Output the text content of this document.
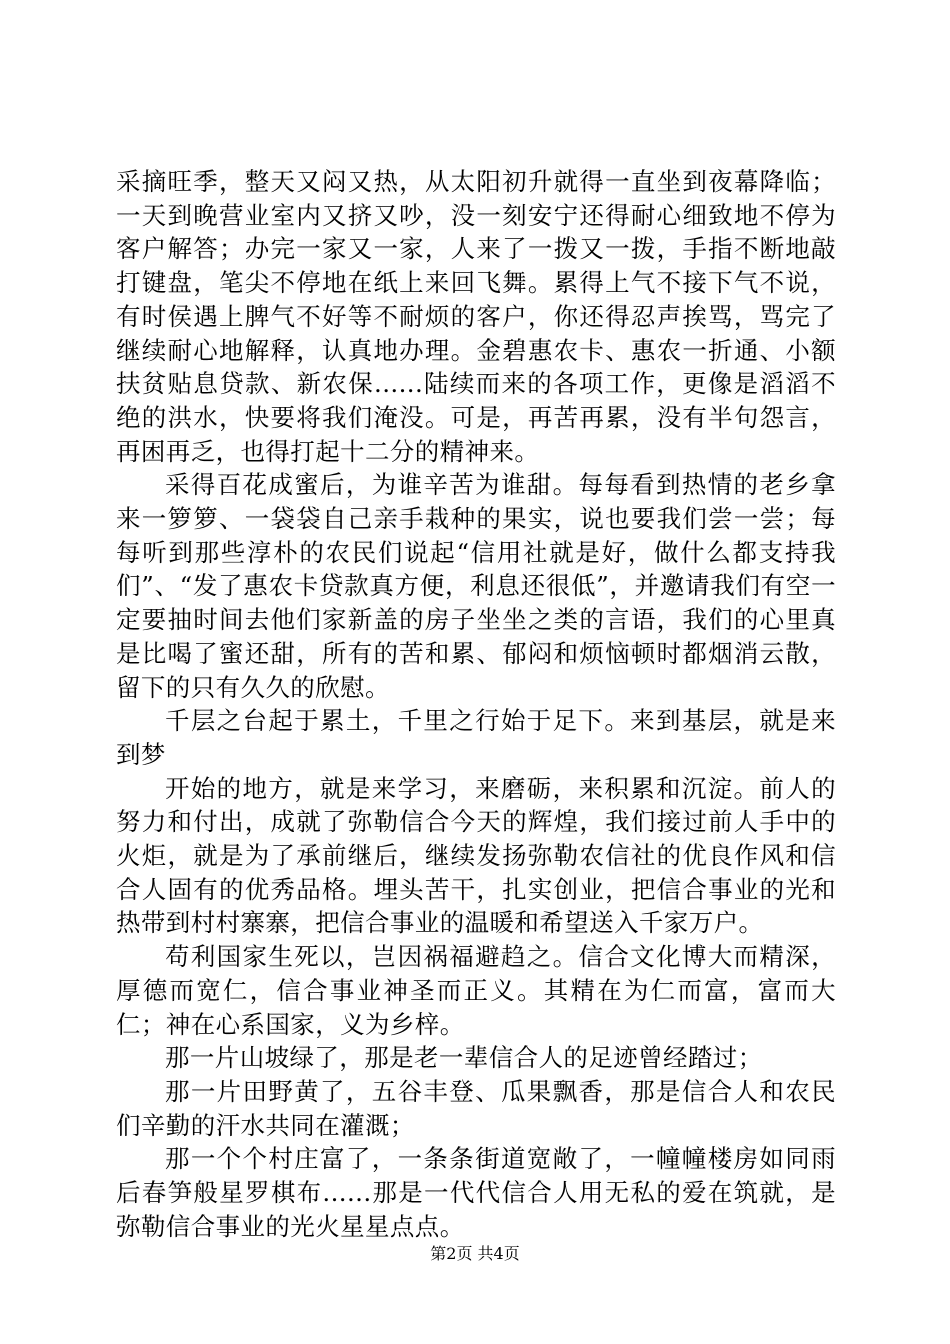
采摘旺季，整天又闷又热，从太阳初升就得一直坐到夜幕降临；一天到晚营业室内又挤又吵，没一刻安宁还得耐心细致地不停为客户解答；办完一家又一家，人来了一拨又一拨，手指不断地敲打键盘，笔尖不停地在纸上来回飞舞。累得上气不接下气不说，有时侯遇上脾气不好等不耐烦的客户，你还得忍声挨骂，骂完了继续耐心地解释，认真地办理。金碧惠农卡、惠农一折通、小额扶贫贴息贷款、新农保......陆续而来的各项工作，更像是滔滔不绝的洪水，快要将我们淹没。可是，再苦再累，没有半句怨言，再困再乏，也得打起十二分的精神来。

采得百花成蜜后，为谁辛苦为谁甜。每每看到热情的老乡拿来一箩箩、一袋袋自己亲手栽种的果实，说也要我们尝一尝；每每听到那些淳朴的农民们说起“信用社就是好，做什么都支持我们”、“发了惠农卡贷款真方便，利息还很低”，并邀请我们有空一定要抽时间去他们家新盖的房子坐坐之类的言语，我们的心里真是比喝了蜜还甜，所有的苦和累、郁闷和烦恼顿时都烟消云散，留下的只有久久的欣慰。

千层之台起于累土，千里之行始于足下。来到基层，就是来到梦

开始的地方，就是来学习，来磨砺，来积累和沉淀。前人的努力和付出，成就了弥勒信合今天的辉煌，我们接过前人手中的火炬，就是为了承前继后，继续发扬弥勒农信社的优良作风和信合人固有的优秀品格。埋头苦干，扎实创业，把信合事业的光和热带到村村寨寨，把信合事业的温暖和希望送入千家万户。

苟利国家生死以，岂因祸福避趋之。信合文化博大而精深，厚德而宽仁，信合事业神圣而正义。其精在为仁而富，富而大仁；神在心系国家，义为乡梓。

那一片山坡绿了，那是老一辈信合人的足迹曾经踏过；

那一片田野黄了，五谷丰登、瓜果飘香，那是信合人和农民们辛勤的汗水共同在灌溉；

那一个个村庄富了，一条条街道宽敞了，一幢幢楼房如同雨后春笋般星罗棋布......那是一代代信合人用无私的爱在筑就，是弥勒信合事业的光火星星点点。

第2页 共4页
